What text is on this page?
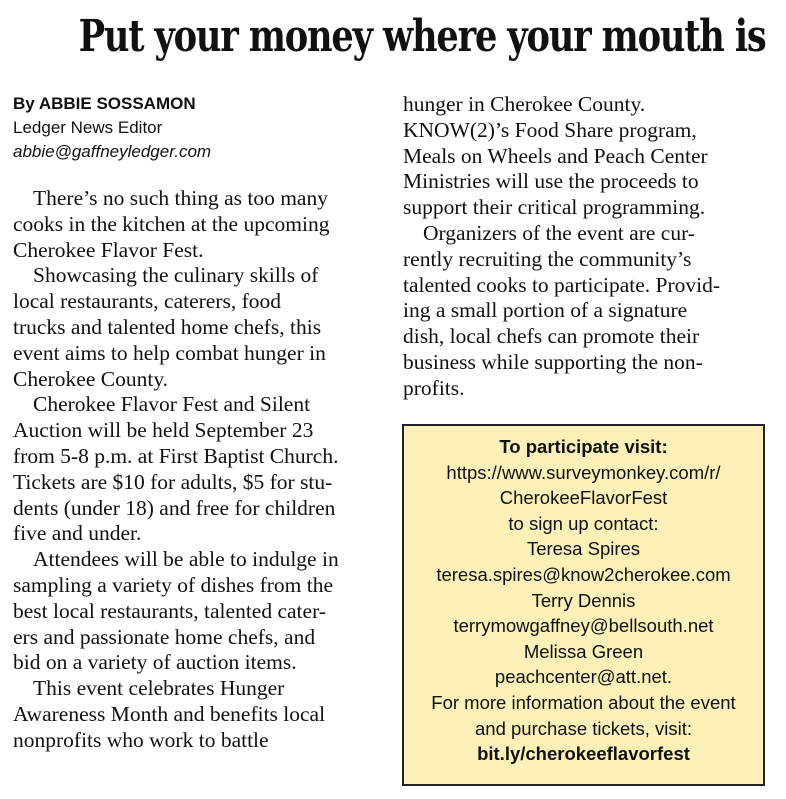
Put your money where your mouth is

By ABBIE SOSSAMON

Ledger News Editor

abbie@gaffneyledger.com

There’s no such thing as too many
cooks in the kitchen at the upcoming
Cherokee Flavor Fest.

Showcasing the culinary skills of
local restaurants, caterers, food
trucks and talented home chefs, this
event aims to help combat hunger in
Cherokee County.

Cherokee Flavor Fest and Silent
Auction will be held September 23
from 5-8 p.m. at First Baptist Church.
Tickets are $10 for adults, $5 for stu-
dents (under 18) and free for children
five and under.

Attendees will be able to indulge in
sampling a variety of dishes from the
best local restaurants, talented cater-
ers and passionate home chefs, and
bid on a variety of auction items.

This event celebrates Hunger
Awareness Month and benefits local
nonprofits who work to battle

hunger in Cherokee County.
KNOW(2)’s Food Share program,
Meals on Wheels and Peach Center
Ministries will use the proceeds to
support their critical programming.

Organizers of the event are cur-
rently recruiting the community’s
talented cooks to participate. Provid-
ing a small portion of a signature
dish, local chefs can promote their
business while supporting the non-
profits.

To participate visit:
https://www.surveymonkey.com/r/
CherokeeFlavorFest
to sign up contact:
Teresa Spires
teresa.spires@know2cherokee.com
Terry Dennis
terrymowgaffney@bellsouth.net
Melissa Green
peachcenter@att.net.
For more information about the event
and purchase tickets, visit:
bit.ly/cherokeeflavorfest
